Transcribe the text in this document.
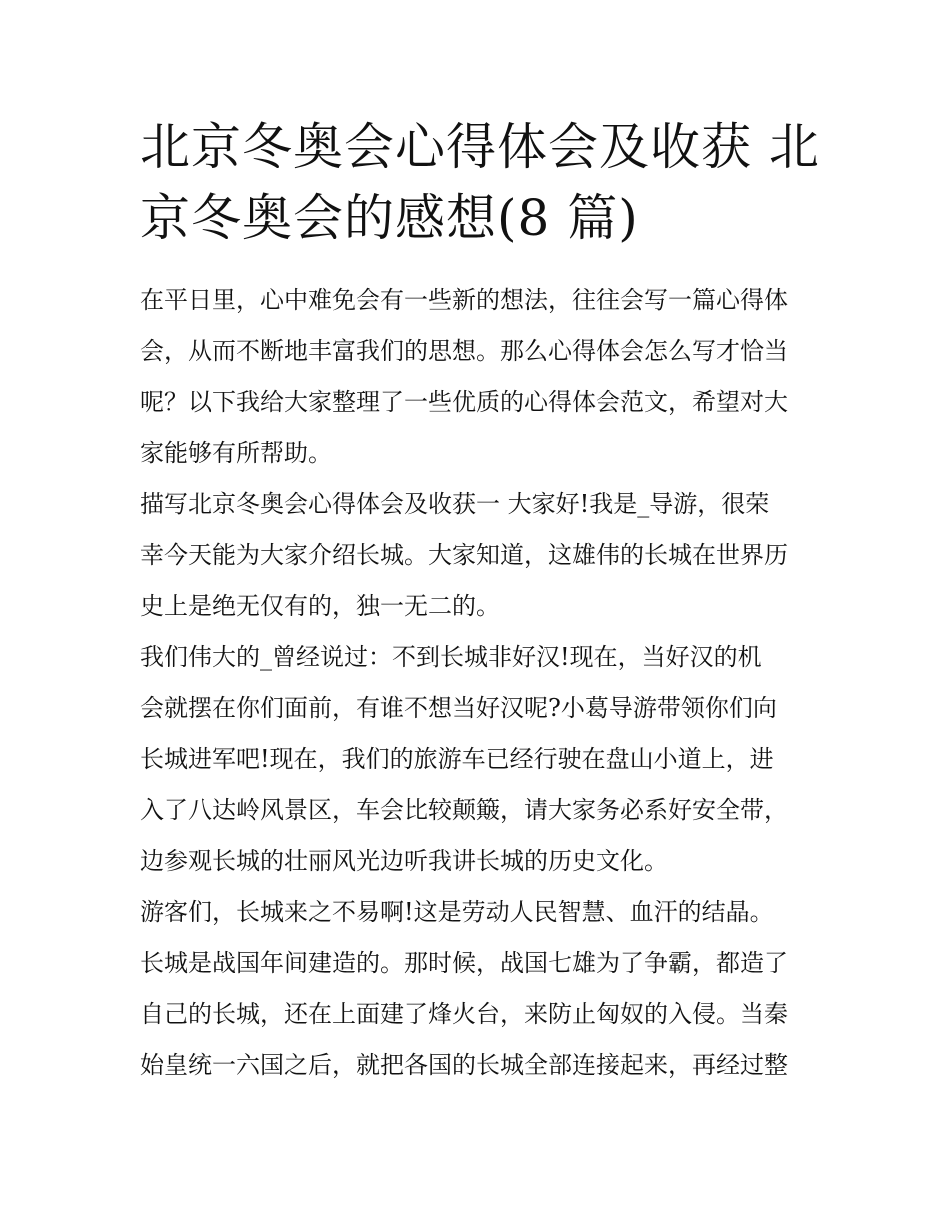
北京冬奥会心得体会及收获 北
京冬奥会的感想(8 篇)
在平日里，心中难免会有一些新的想法，往往会写一篇心得体
会，从而不断地丰富我们的思想。那么心得体会怎么写才恰当
呢？以下我给大家整理了一些优质的心得体会范文，希望对大
家能够有所帮助。
描写北京冬奥会心得体会及收获一 大家好!我是_导游，很荣
幸今天能为大家介绍长城。大家知道，这雄伟的长城在世界历
史上是绝无仅有的，独一无二的。
我们伟大的_曾经说过：不到长城非好汉!现在，当好汉的机
会就摆在你们面前，有谁不想当好汉呢?小葛导游带领你们向
长城进军吧!现在，我们的旅游车已经行驶在盘山小道上，进
入了八达岭风景区，车会比较颠簸，请大家务必系好安全带，
边参观长城的壮丽风光边听我讲长城的历史文化。
游客们，长城来之不易啊!这是劳动人民智慧、血汗的结晶。
长城是战国年间建造的。那时候，战国七雄为了争霸，都造了
自己的长城，还在上面建了烽火台，来防止匈奴的入侵。当秦
始皇统一六国之后，就把各国的长城全部连接起来，再经过整
